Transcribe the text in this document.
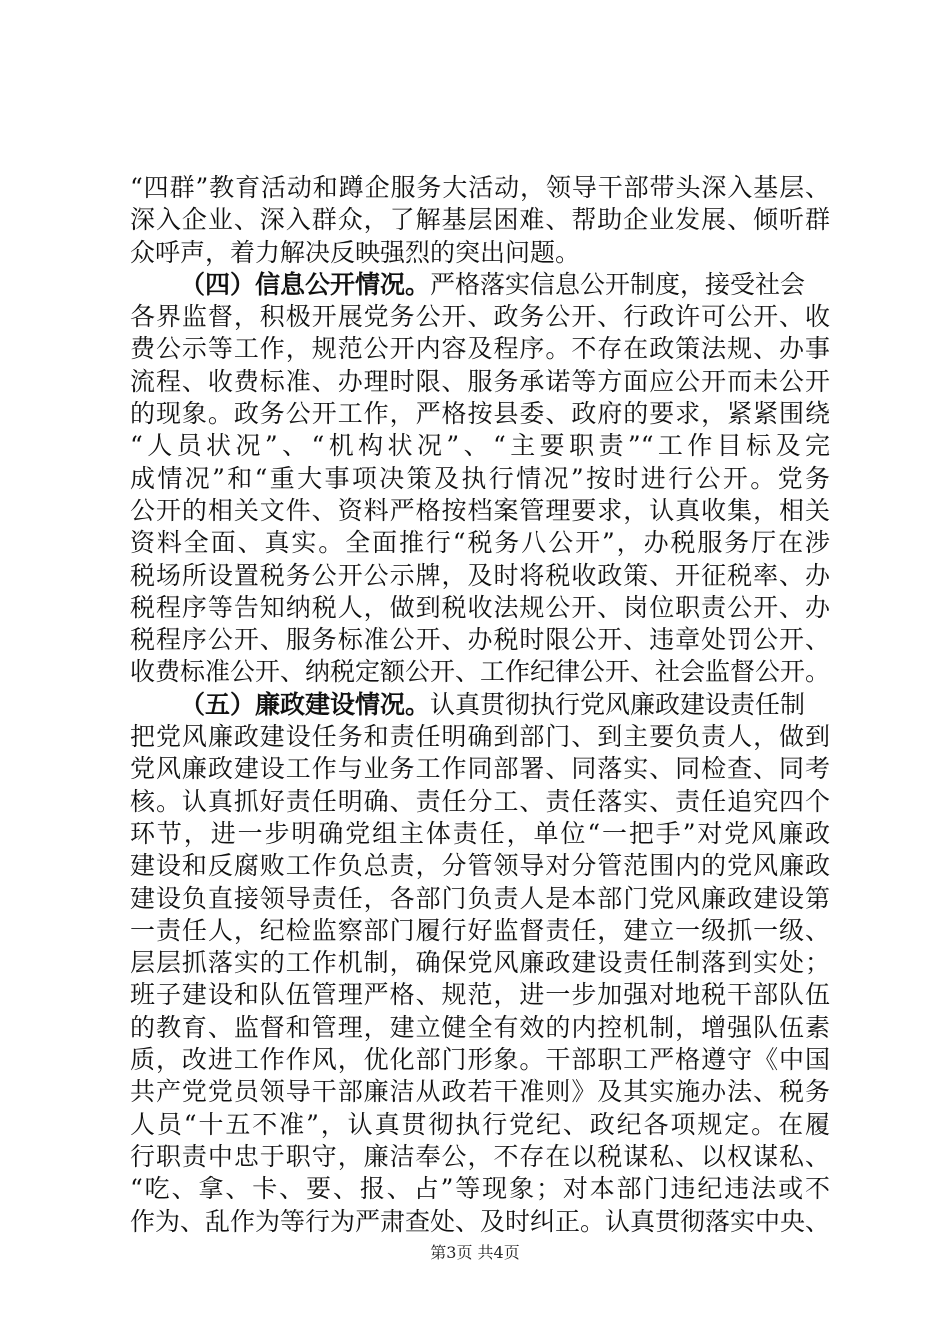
“四群”教育活动和蹲企服务大活动，领导干部带头深入基层、
深入企业、深入群众，了解基层困难、帮助企业发展、倾听群
众呼声，着力解决反映强烈的突出问题。
（四）信息公开情况。严格落实信息公开制度，接受社会
各界监督，积极开展党务公开、政务公开、行政许可公开、收
费公示等工作，规范公开内容及程序。不存在政策法规、办事
流程、收费标准、办理时限、服务承诺等方面应公开而未公开
的现象。政务公开工作，严格按县委、政府的要求，紧紧围绕
“人员状况”、“机构状况”、“主要职责”“工作目标及完
成情况”和“重大事项决策及执行情况”按时进行公开。党务
公开的相关文件、资料严格按档案管理要求，认真收集，相关
资料全面、真实。全面推行“税务八公开”，办税服务厅在涉
税场所设置税务公开公示牌，及时将税收政策、开征税率、办
税程序等告知纳税人，做到税收法规公开、岗位职责公开、办
税程序公开、服务标准公开、办税时限公开、违章处罚公开、
收费标准公开、纳税定额公开、工作纪律公开、社会监督公开。
（五）廉政建设情况。认真贯彻执行党风廉政建设责任制
把党风廉政建设任务和责任明确到部门、到主要负责人，做到
党风廉政建设工作与业务工作同部署、同落实、同检查、同考
核。认真抓好责任明确、责任分工、责任落实、责任追究四个
环节，进一步明确党组主体责任，单位“一把手”对党风廉政
建设和反腐败工作负总责，分管领导对分管范围内的党风廉政
建设负直接领导责任，各部门负责人是本部门党风廉政建设第
一责任人，纪检监察部门履行好监督责任，建立一级抓一级、
层层抓落实的工作机制，确保党风廉政建设责任制落到实处；
班子建设和队伍管理严格、规范，进一步加强对地税干部队伍
的教育、监督和管理，建立健全有效的内控机制，增强队伍素
质，改进工作作风，优化部门形象。干部职工严格遵守《中国
共产党党员领导干部廉洁从政若干准则》及其实施办法、税务
人员“十五不准”，认真贯彻执行党纪、政纪各项规定。在履
行职责中忠于职守，廉洁奉公，不存在以税谋私、以权谋私、
“吃、拿、卡、要、报、占”等现象；对本部门违纪违法或不
作为、乱作为等行为严肃查处、及时纠正。认真贯彻落实中央、
第3页 共4页
